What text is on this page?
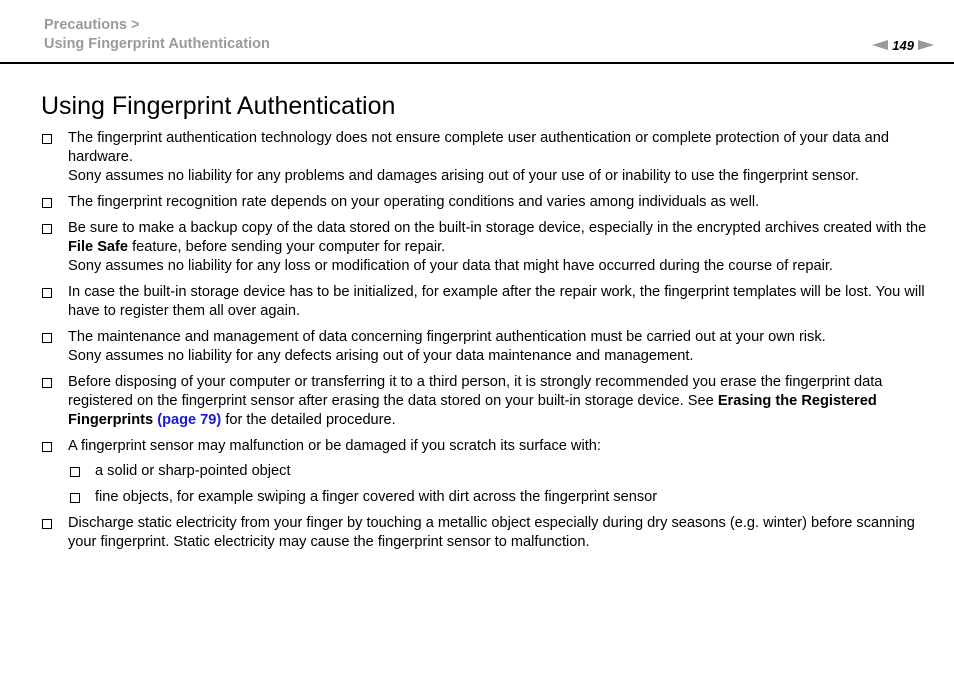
Precautions >
Using Fingerprint Authentication	149
Using Fingerprint Authentication
The fingerprint authentication technology does not ensure complete user authentication or complete protection of your data and hardware.
Sony assumes no liability for any problems and damages arising out of your use of or inability to use the fingerprint sensor.
The fingerprint recognition rate depends on your operating conditions and varies among individuals as well.
Be sure to make a backup copy of the data stored on the built-in storage device, especially in the encrypted archives created with the File Safe feature, before sending your computer for repair.
Sony assumes no liability for any loss or modification of your data that might have occurred during the course of repair.
In case the built-in storage device has to be initialized, for example after the repair work, the fingerprint templates will be lost. You will have to register them all over again.
The maintenance and management of data concerning fingerprint authentication must be carried out at your own risk.
Sony assumes no liability for any defects arising out of your data maintenance and management.
Before disposing of your computer or transferring it to a third person, it is strongly recommended you erase the fingerprint data registered on the fingerprint sensor after erasing the data stored on your built-in storage device. See Erasing the Registered Fingerprints (page 79) for the detailed procedure.
A fingerprint sensor may malfunction or be damaged if you scratch its surface with:
a solid or sharp-pointed object
fine objects, for example swiping a finger covered with dirt across the fingerprint sensor
Discharge static electricity from your finger by touching a metallic object especially during dry seasons (e.g. winter) before scanning your fingerprint. Static electricity may cause the fingerprint sensor to malfunction.
